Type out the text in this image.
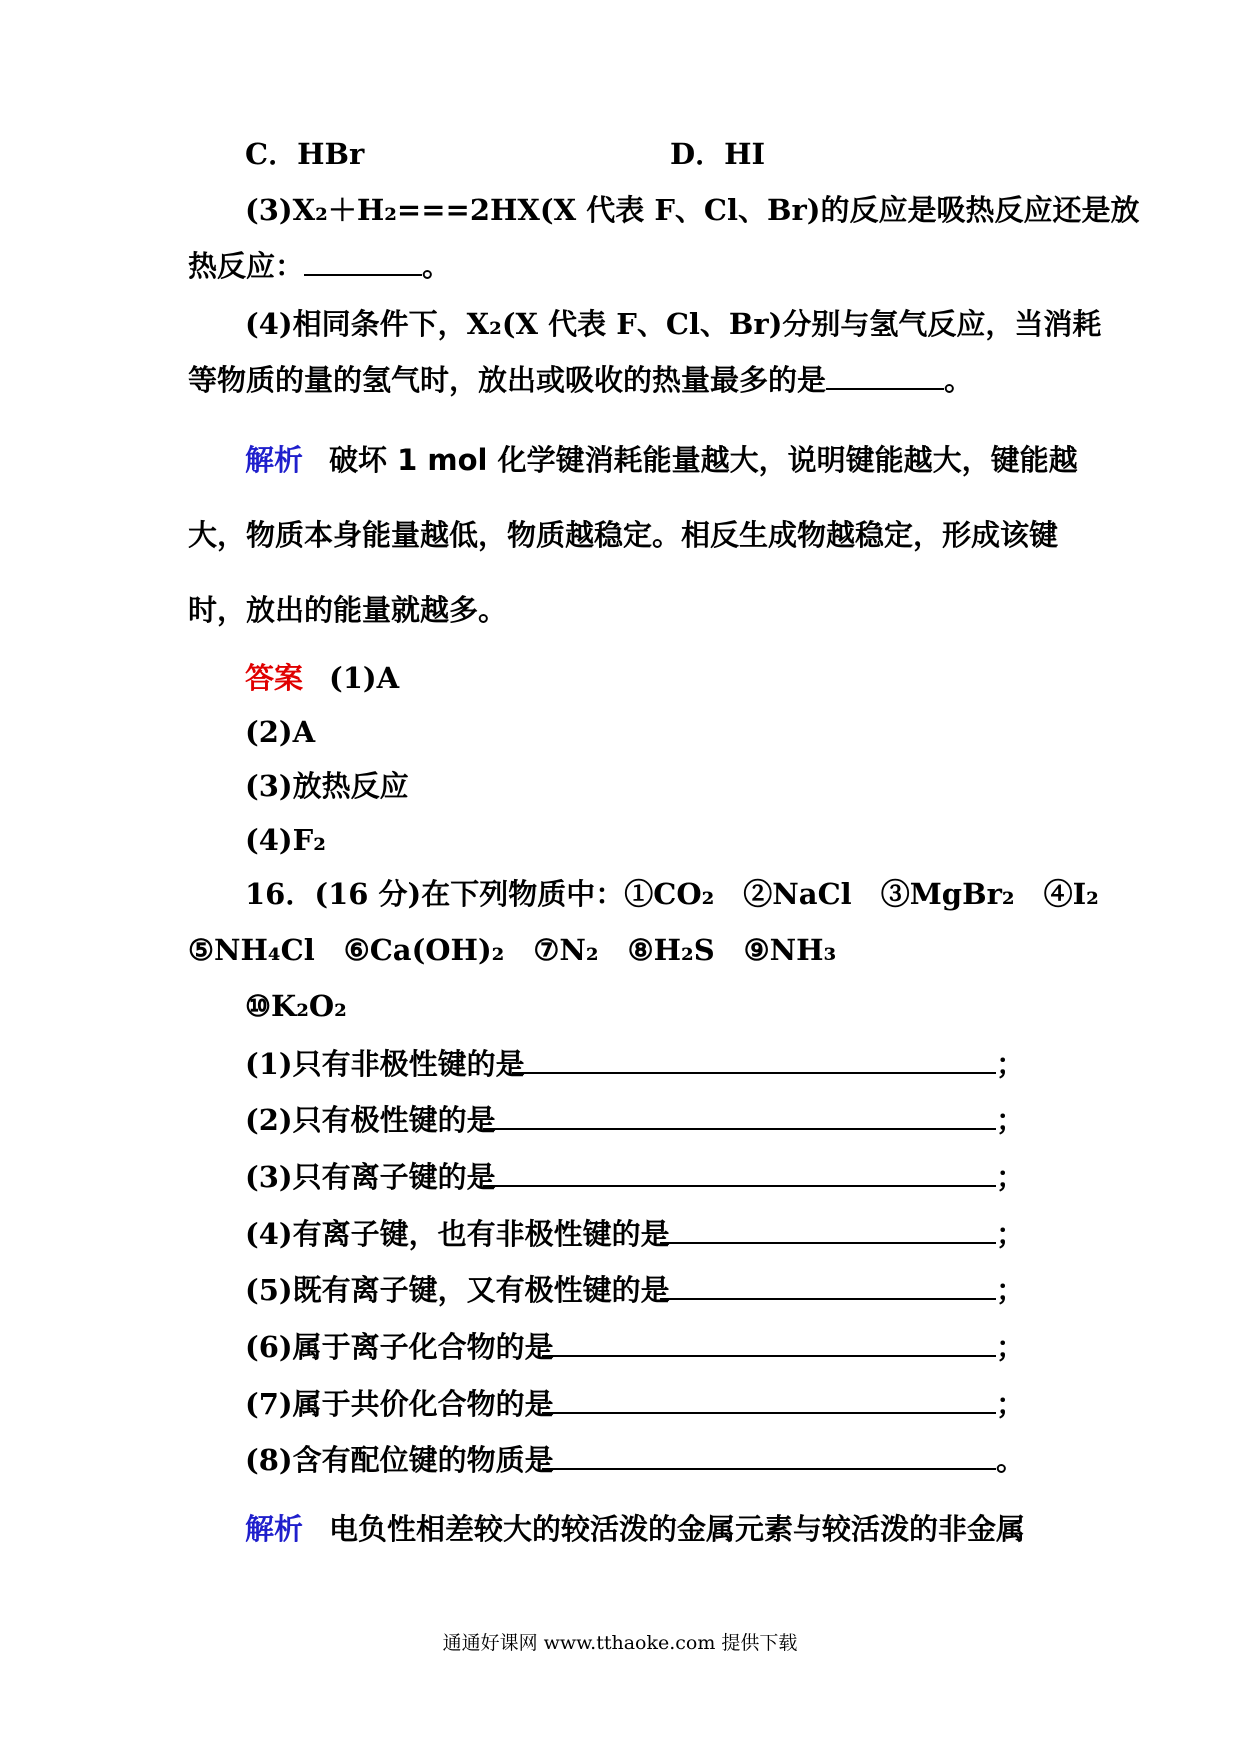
C．HBr	D．HI
(3)X₂＋H₂===2HX(X 代表 F、Cl、Br)的反应是吸热反应还是放
热反应：	。
(4)相同条件下，X₂(X 代表 F、Cl、Br)分别与氢气反应，当消耗
等物质的量的氢气时，放出或吸收的热量最多的是	。
解析 破坏 1 mol 化学键消耗能量越大，说明键能越大，键能越
大，物质本身能量越低，物质越稳定。相反生成物越稳定，形成该键
时，放出的能量就越多。
答案 (1)A
(2)A
(3)放热反应
(4)F₂
16．(16 分)在下列物质中：①CO₂　②NaCl　③MgBr₂　④I₂
⑤NH₄Cl　⑥Ca(OH)₂　⑦N₂　⑧H₂S　⑨NH₃
⑩K₂O₂
(1)只有非极性键的是	；
(2)只有极性键的是	；
(3)只有离子键的是	；
(4)有离子键，也有非极性键的是	；
(5)既有离子键，又有极性键的是	；
(6)属于离子化合物的是	；
(7)属于共价化合物的是	；
(8)含有配位键的物质是	。
解析 电负性相差较大的较活泼的金属元素与较活泼的非金属
通通好课网 www.tthaoke.com 提供下载
